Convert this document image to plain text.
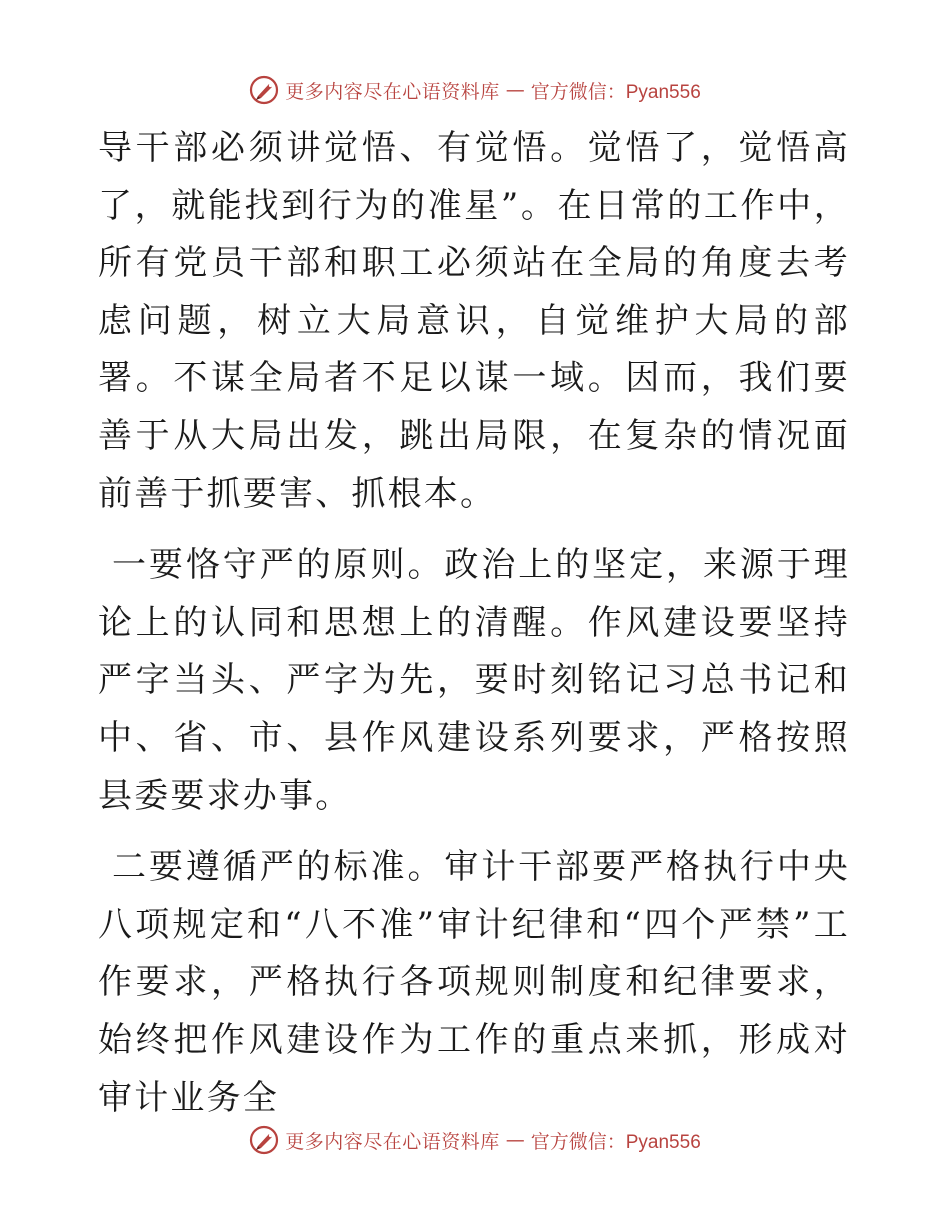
更多内容尽在心语资料库 — 官方微信：Pyan556

导干部必须讲觉悟、有觉悟。觉悟了，觉悟高了，就能找到行为的准星”。在日常的工作中，所有党员干部和职工必须站在全局的角度去考虑问题，树立大局意识，自觉维护大局的部署。不谋全局者不足以谋一域。因而，我们要善于从大局出发，跳出局限，在复杂的情况面前善于抓要害、抓根本。

一要恪守严的原则。政治上的坚定，来源于理论上的认同和思想上的清醒。作风建设要坚持严字当头、严字为先，要时刻铭记习总书记和中、省、市、县作风建设系列要求，严格按照县委要求办事。

二要遵循严的标准。审计干部要严格执行中央八项规定和“八不准”审计纪律和“四个严禁”工作要求，严格执行各项规则制度和纪律要求，始终把作风建设作为工作的重点来抓，形成对审计业务全

更多内容尽在心语资料库 — 官方微信：Pyan556
